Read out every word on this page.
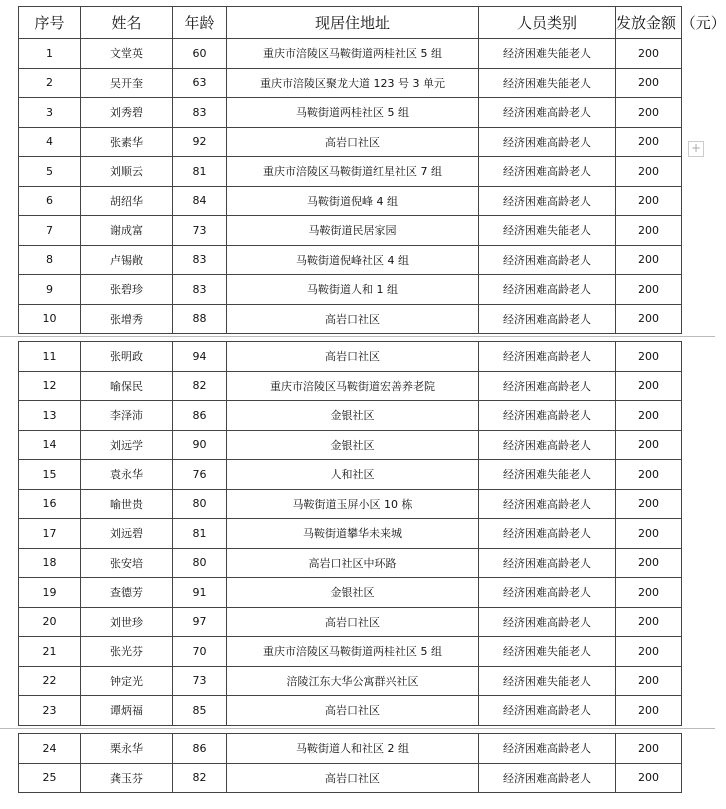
序号	姓名	年龄	现居住地址	人员类别	发放金额 （元）
1	文堂英	60	重庆市涪陵区马鞍街道两桂社区 5 组	经济困难失能老人	200
2	吴开奎	63	重庆市涪陵区聚龙大道 123 号 3 单元	经济困难失能老人	200
3	刘秀碧	83	马鞍街道两桂社区 5 组	经济困难高龄老人	200
4	张素华	92	高岩口社区	经济困难高龄老人	200
5	刘顺云	81	重庆市涪陵区马鞍街道红星社区 7 组	经济困难高龄老人	200
6	胡绍华	84	马鞍街道倪峰 4 组	经济困难高龄老人	200
7	谢成富	73	马鞍街道民居家园	经济困难失能老人	200
8	卢锡敞	83	马鞍街道倪峰社区 4 组	经济困难高龄老人	200
9	张碧珍	83	马鞍街道人和 1 组	经济困难高龄老人	200
10	张增秀	88	高岩口社区	经济困难高龄老人	200
11	张明政	94	高岩口社区	经济困难高龄老人	200
12	喻保民	82	重庆市涪陵区马鞍街道宏善养老院	经济困难高龄老人	200
13	李泽沛	86	金银社区	经济困难高龄老人	200
14	刘远学	90	金银社区	经济困难高龄老人	200
15	袁永华	76	人和社区	经济困难失能老人	200
16	喻世贵	80	马鞍街道玉屏小区 10 栋	经济困难高龄老人	200
17	刘远碧	81	马鞍街道攀华未来城	经济困难高龄老人	200
18	张安培	80	高岩口社区中环路	经济困难高龄老人	200
19	查德芳	91	金银社区	经济困难高龄老人	200
20	刘世珍	97	高岩口社区	经济困难高龄老人	200
21	张光芬	70	重庆市涪陵区马鞍街道两桂社区 5 组	经济困难失能老人	200
22	钟定光	73	涪陵江东大华公寓群兴社区	经济困难失能老人	200
23	谭炳福	85	高岩口社区	经济困难高龄老人	200
24	栗永华	86	马鞍街道人和社区 2 组	经济困难高龄老人	200
25	龚玉芬	82	高岩口社区	经济困难高龄老人	200
+
